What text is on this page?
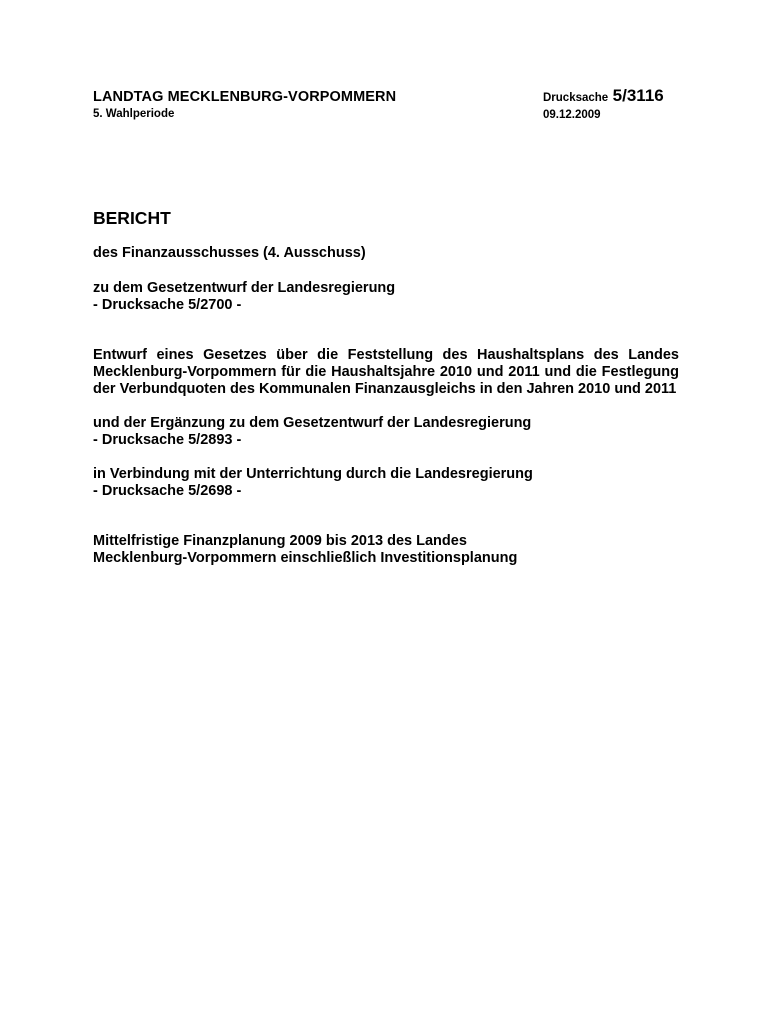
LANDTAG MECKLENBURG-VORPOMMERN
5. Wahlperiode
Drucksache 5/3116
09.12.2009
BERICHT

des Finanzausschusses (4. Ausschuss)

zu dem Gesetzentwurf der Landesregierung

- Drucksache 5/2700 -

Entwurf eines Gesetzes über die Feststellung des Haushaltsplans des Landes Mecklenburg-Vorpommern für die Haushaltsjahre 2010 und 2011 und die Festlegung der Verbundquoten des Kommunalen Finanzausgleichs in den Jahren 2010 und 2011

und der Ergänzung zu dem Gesetzentwurf der Landesregierung

- Drucksache 5/2893 -

in Verbindung mit der Unterrichtung durch die Landesregierung

- Drucksache 5/2698 -

Mittelfristige Finanzplanung 2009 bis 2013 des Landes Mecklenburg-Vorpommern einschließlich Investitionsplanung
